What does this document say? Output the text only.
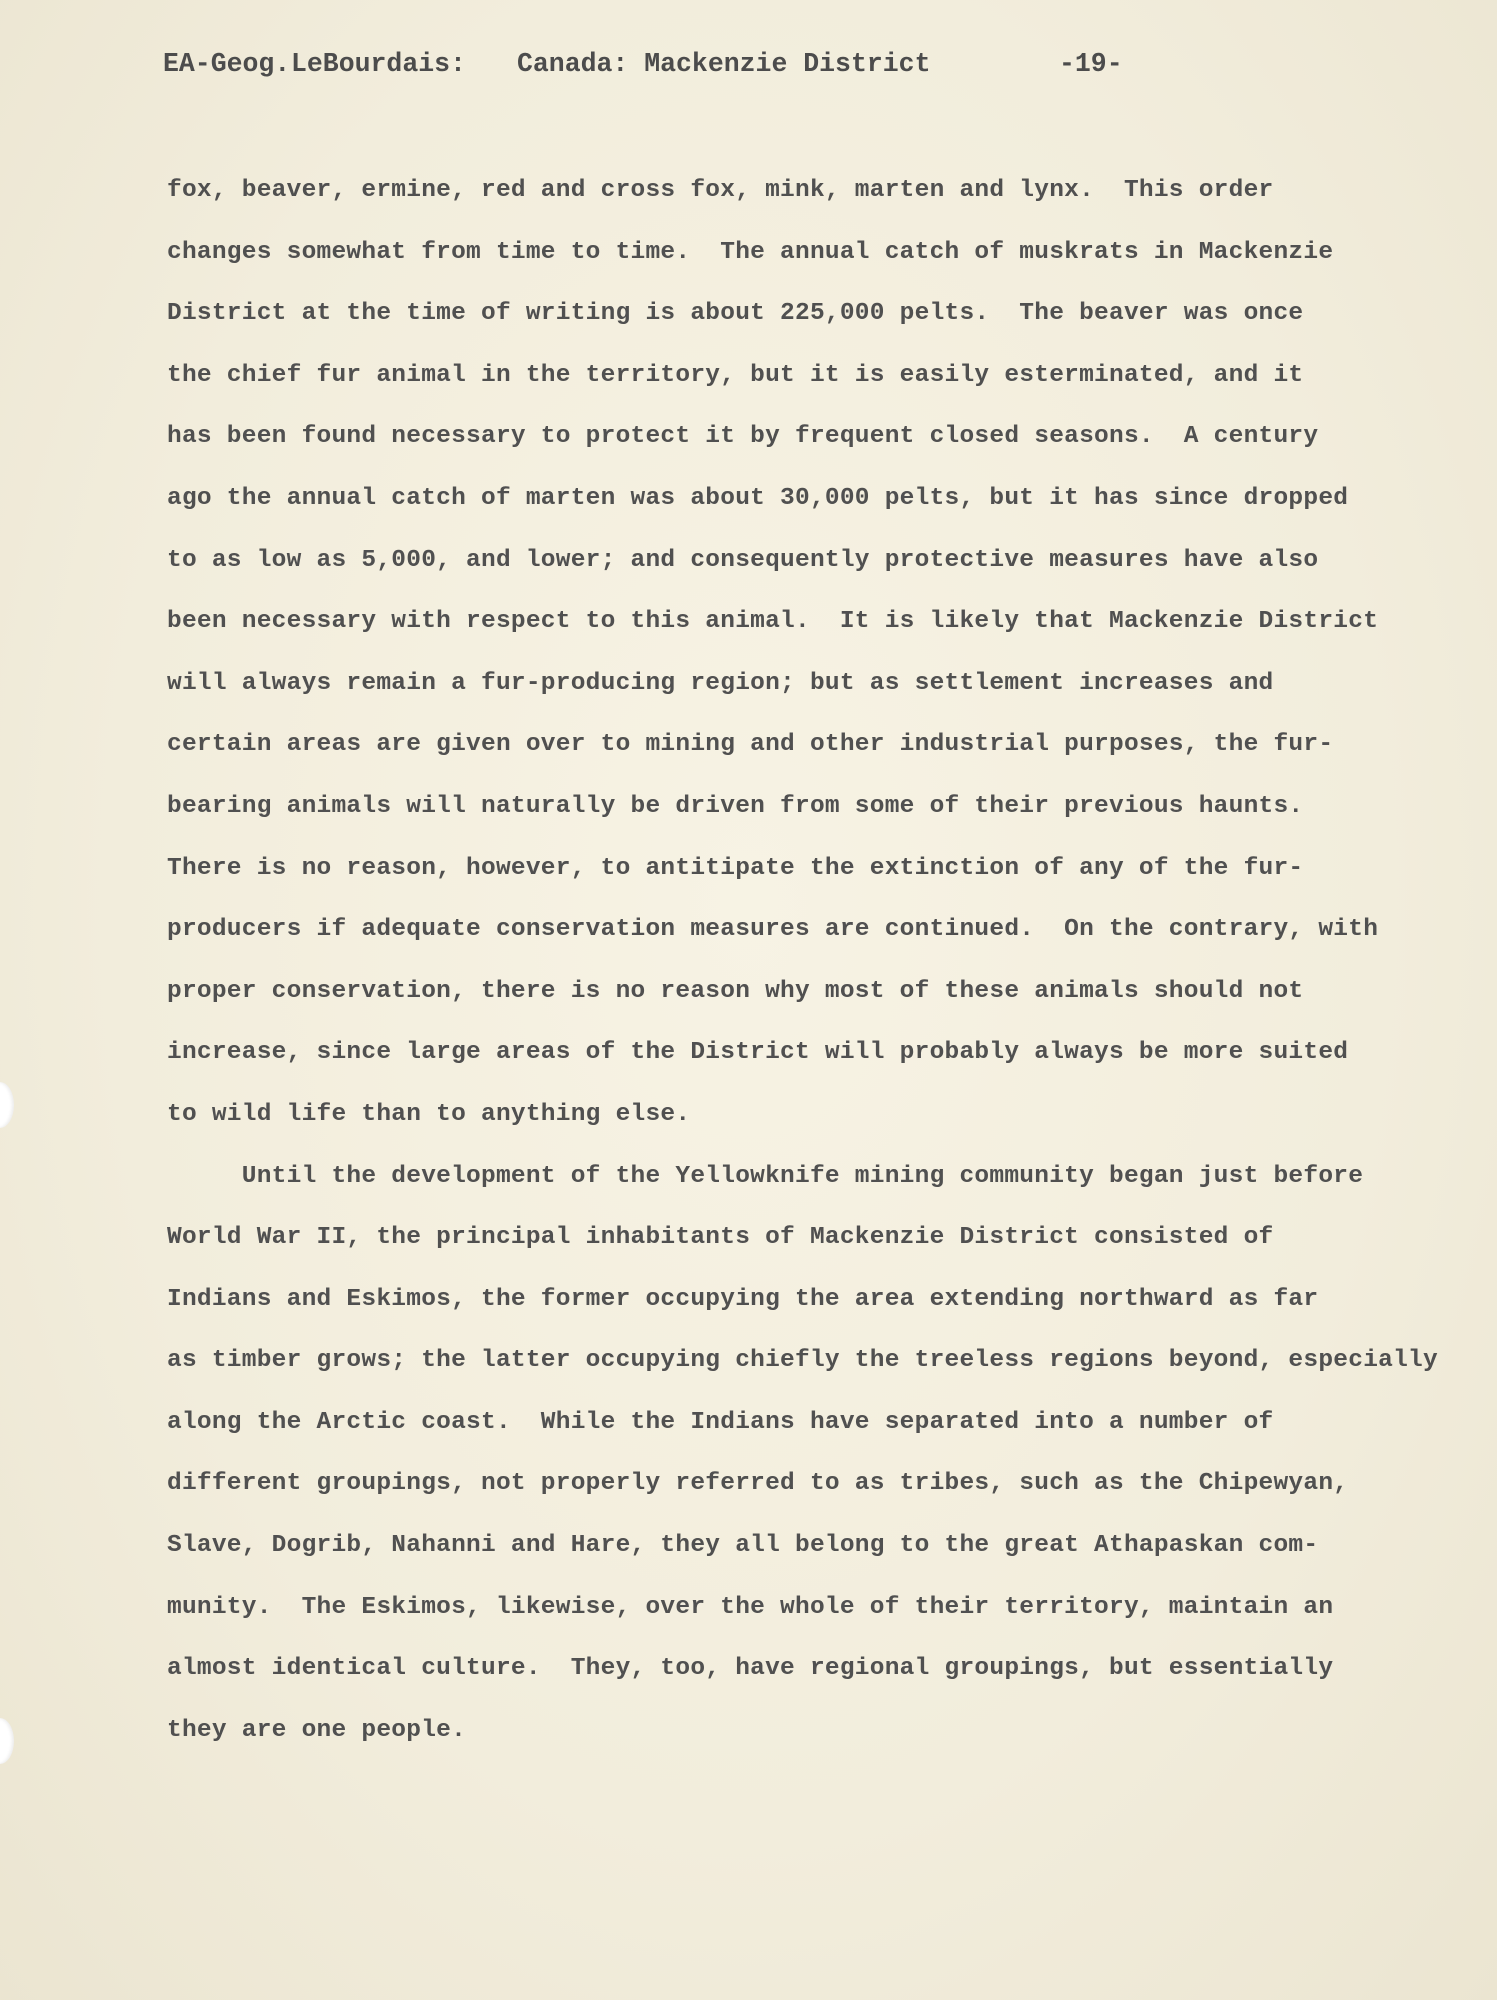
EA-Geog.

LeBourdais:

Canada: Mackenzie District

	-19-

fox, beaver, ermine, red and cross fox, mink, marten and lynx.  This order
changes somewhat from time to time.  The annual catch of muskrats in Mackenzie
District at the time of writing is about 225,000 pelts.  The beaver was once
the chief fur animal in the territory, but it is easily esterminated, and it
has been found necessary to protect it by frequent closed seasons.  A century
ago the annual catch of marten was about 30,000 pelts, but it has since dropped
to as low as 5,000, and lower; and consequently protective measures have also
been necessary with respect to this animal.  It is likely that Mackenzie District
will always remain a fur-producing region; but as settlement increases and
certain areas are given over to mining and other industrial purposes, the fur-
bearing animals will naturally be driven from some of their previous haunts.
There is no reason, however, to antitipate the extinction of any of the fur-
producers if adequate conservation measures are continued.  On the contrary, with
proper conservation, there is no reason why most of these animals should not
increase, since large areas of the District will probably always be more suited
to wild life than to anything else.
Until the development of the Yellowknife mining community began just before
World War II, the principal inhabitants of Mackenzie District consisted of
Indians and Eskimos, the former occupying the area extending northward as far
as timber grows; the latter occupying chiefly the treeless regions beyond, especially
along the Arctic coast.  While the Indians have separated into a number of
different groupings, not properly referred to as tribes, such as the Chipewyan,
Slave, Dogrib, Nahanni and Hare, they all belong to the great Athapaskan com-
munity.  The Eskimos, likewise, over the whole of their territory, maintain an
almost identical culture.  They, too, have regional groupings, but essentially
they are one people.
